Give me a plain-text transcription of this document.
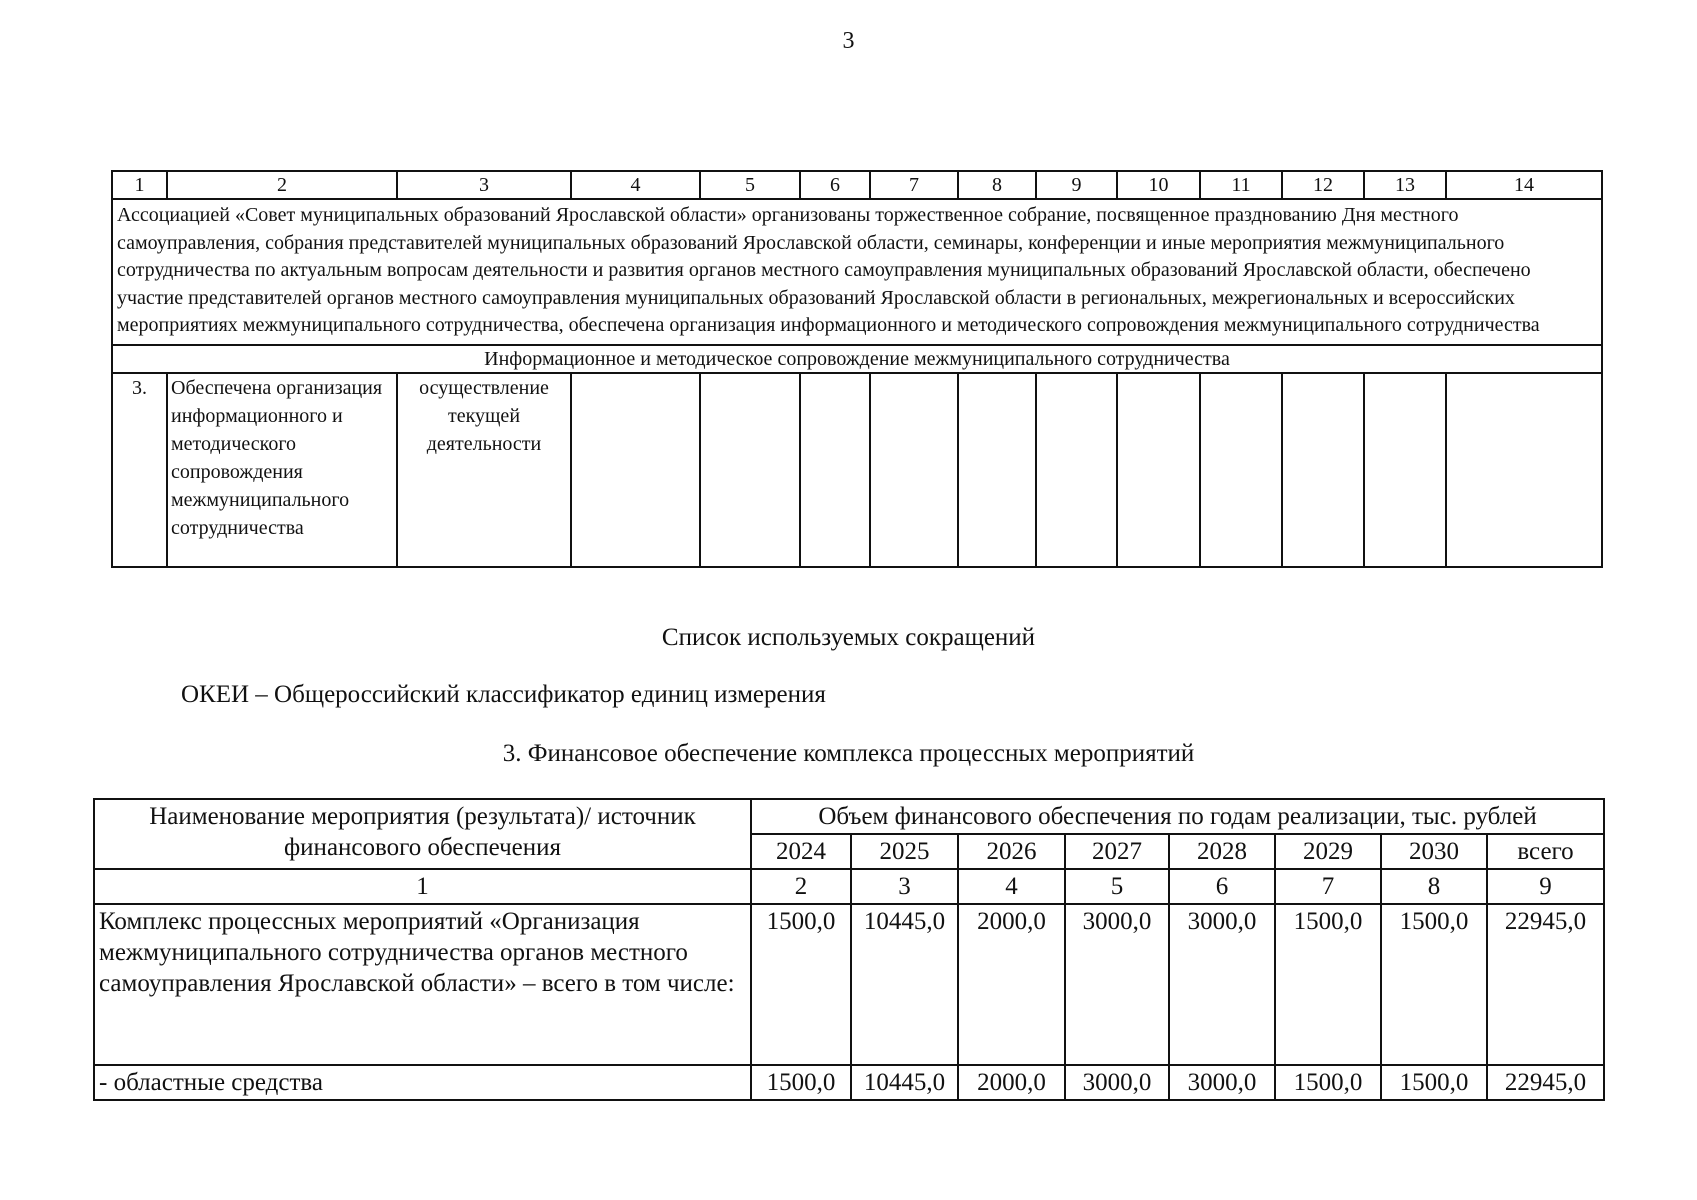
3
1	2	3	4	5	6	7	8	9	10	11	12	13	14
Ассоциацией «Совет муниципальных образований Ярославской области» организованы торжественное собрание, посвященное празднованию Дня местного самоуправления, собрания представителей муниципальных образований Ярославской области, семинары, конференции и иные мероприятия межмуниципального сотрудничества по актуальным вопросам деятельности и развития органов местного самоуправления муниципальных образований Ярославской области, обеспечено участие представителей органов местного самоуправления муниципальных образований Ярославской области в региональных, межрегиональных и всероссийских мероприятиях межмуниципального сотрудничества, обеспечена организация информационного и методического сопровождения межмуниципального сотрудничества													
Информационное и методическое сопровождение межмуниципального сотрудничества													
3.	Обеспечена организация информационного и методического сопровождения межмуниципального сотрудничества	осуществление текущей деятельности											
Список используемых сокращений
ОКЕИ – Общероссийский классификатор единиц измерения
3. Финансовое обеспечение комплекса процессных мероприятий
Наименование мероприятия (результата)/ источник финансового обеспечения	Объем финансового обеспечения по годам реализации, тыс. рублей							
	2024	2025	2026	2027	2028	2029	2030	всего
1	2	3	4	5	6	7	8	9
Комплекс процессных мероприятий «Организация межмуниципального сотрудничества органов местного самоуправления Ярославской области» – всего в том числе:	1500,0	10445,0	2000,0	3000,0	3000,0	1500,0	1500,0	22945,0
- областные средства	1500,0	10445,0	2000,0	3000,0	3000,0	1500,0	1500,0	22945,0
